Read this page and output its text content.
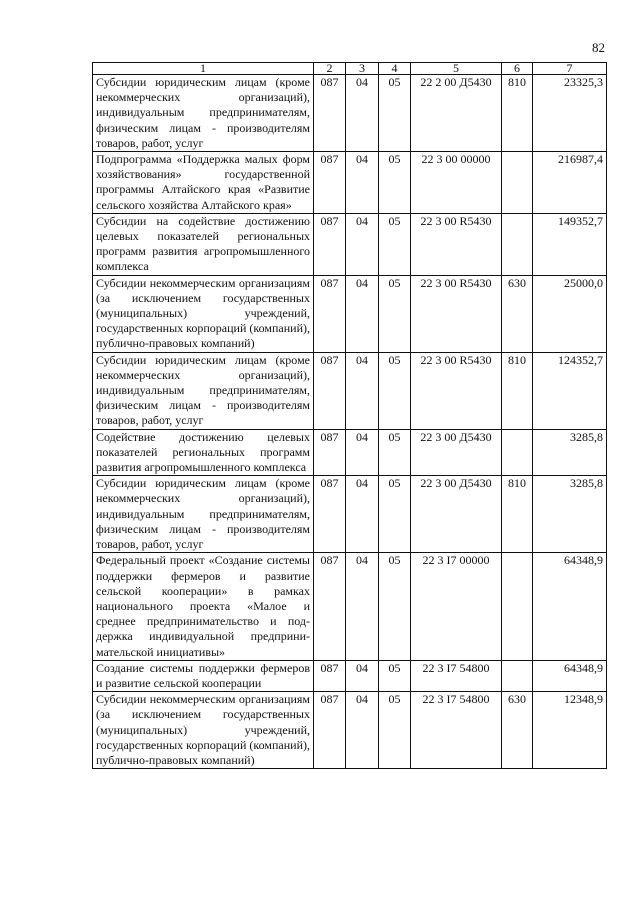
82
1	2	3	4	5	6	7
Субсидии юридическим лицам (кроме некоммерческих организаций), индивидуальным предпринимателям, физическим лицам - производителям товаров, работ, услуг	087	04	05	22 2 00 Д5430	810	23325,3
Подпрограмма «Поддержка малых форм хозяйствования» государственной программы Алтайского края «Развитие сельского хозяйства Алтайского края»	087	04	05	22 3 00 00000		216987,4
Субсидии на содействие достижению целевых показателей региональных программ развития агропромышленного комплекса	087	04	05	22 3 00 R5430		149352,7
Субсидии некоммерческим организациям (за исключением государственных (муниципальных) учреждений, государственных корпораций (компаний), публично-правовых компаний)	087	04	05	22 3 00 R5430	630	25000,0
Субсидии юридическим лицам (кроме некоммерческих организаций), индивидуальным предпринимателям, физическим лицам - производителям товаров, работ, услуг	087	04	05	22 3 00 R5430	810	124352,7
Содействие достижению целевых показателей региональных программ развития агропромышленного комплекса	087	04	05	22 3 00 Д5430		3285,8
Субсидии юридическим лицам (кроме некоммерческих организаций), индивидуальным предпринимателям, физическим лицам - производителям товаров, работ, услуг	087	04	05	22 3 00 Д5430	810	3285,8
Федеральный проект «Создание системы поддержки фермеров и развитие сельской кооперации» в рамках национального проекта «Малое и среднее предпринимательство и поддержка индивидуальной предпринимательской инициативы»	087	04	05	22 3 I7 00000		64348,9
Создание системы поддержки фермеров и развитие сельской кооперации	087	04	05	22 3 I7 54800		64348,9
Субсидии некоммерческим организациям (за исключением государственных (муниципальных) учреждений, государственных корпораций (компаний), публично-правовых компаний)	087	04	05	22 3 I7 54800	630	12348,9
